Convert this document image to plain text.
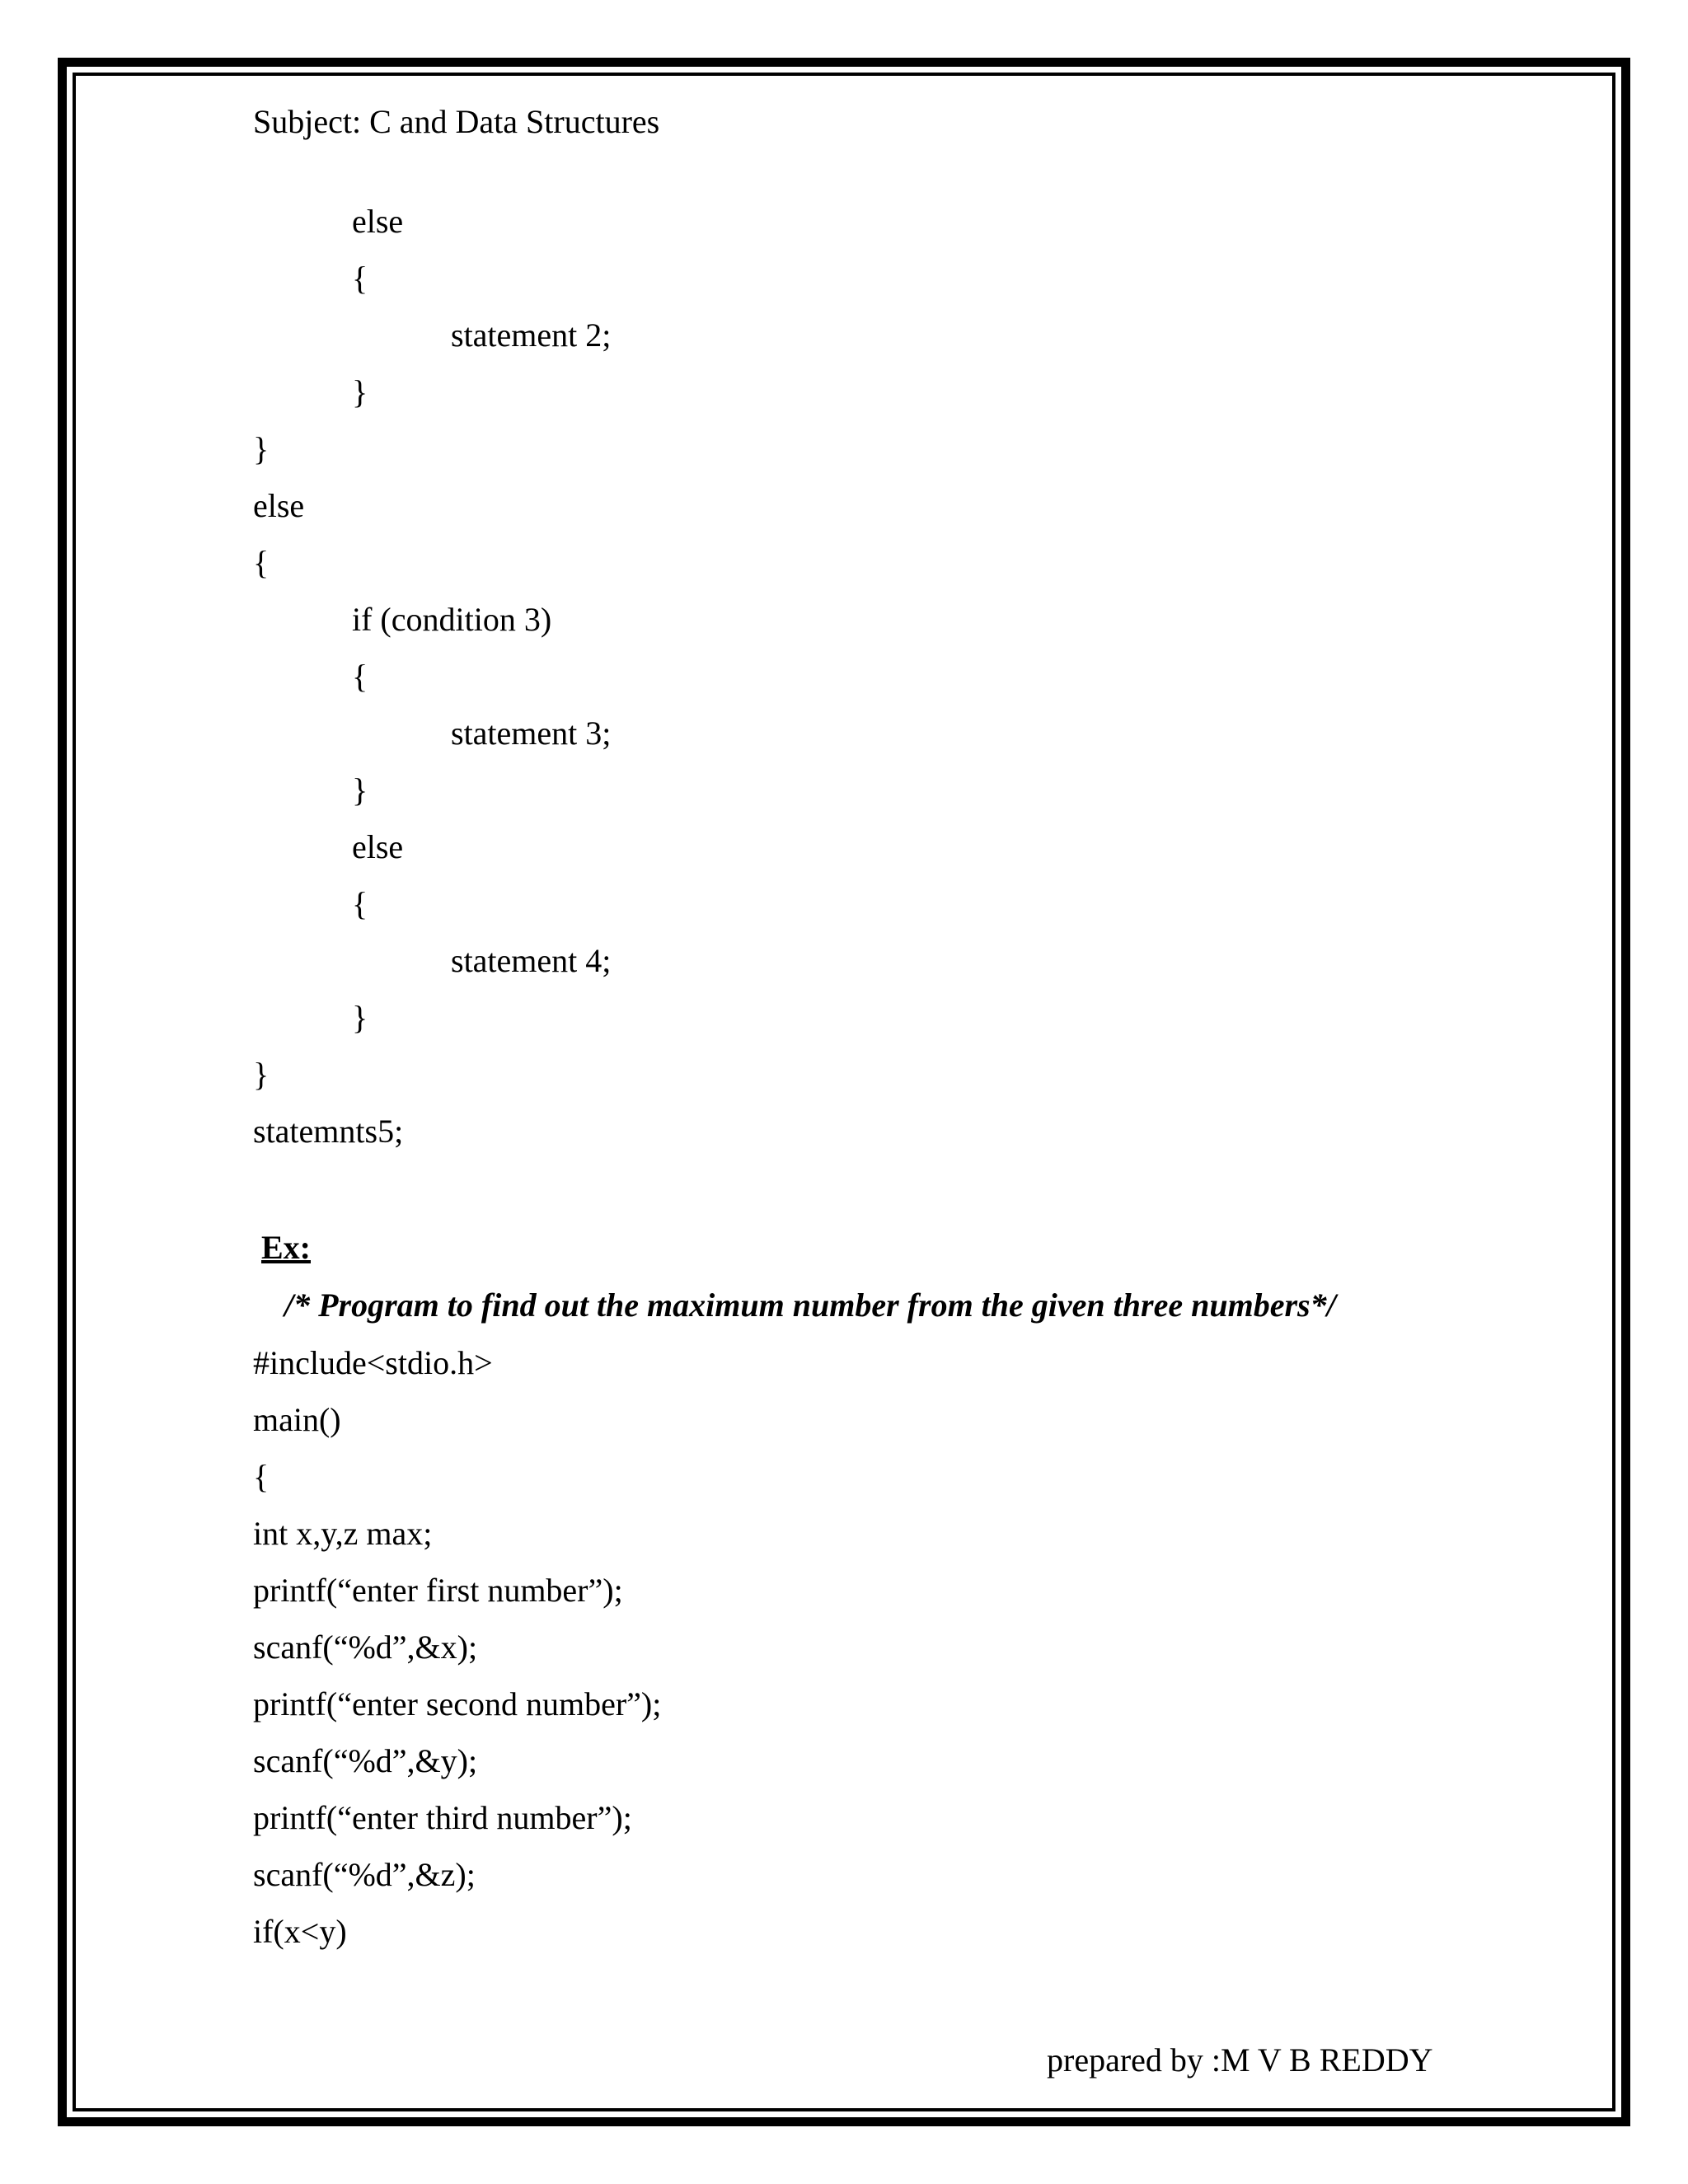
Subject: C and Data Structures
else
{
statement 2;
}
}
else
{
if (condition 3)
{
statement 3;
}
else
{
statement 4;
}
}
statemnts5;
Ex:
/* Program to find out the maximum number from the given three numbers*/
#include<stdio.h>
main()
{
int x,y,z max;
printf(“enter first number”);
scanf(“%d”,&x);
printf(“enter second number”);
scanf(“%d”,&y);
printf(“enter third number”);
scanf(“%d”,&z);
if(x<y)
prepared by :M V B REDDY
